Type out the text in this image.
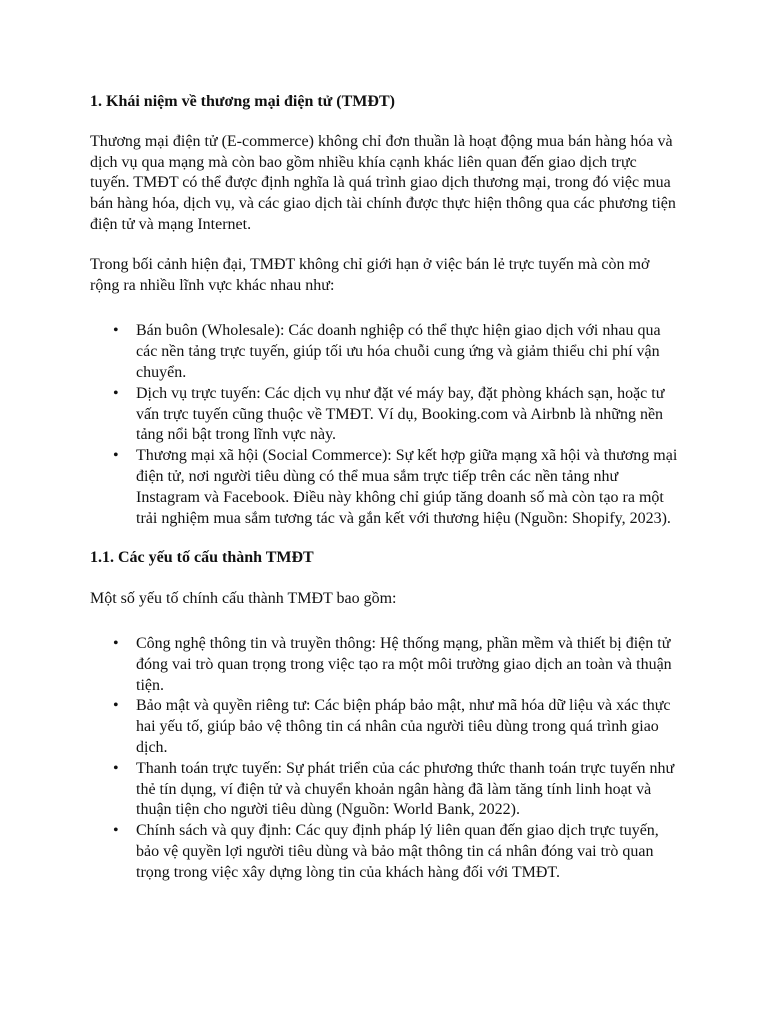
1. Khái niệm về thương mại điện tử (TMĐT)

Thương mại điện tử (E-commerce) không chỉ đơn thuần là hoạt động mua bán hàng hóa và dịch vụ qua mạng mà còn bao gồm nhiều khía cạnh khác liên quan đến giao dịch trực tuyến. TMĐT có thể được định nghĩa là quá trình giao dịch thương mại, trong đó việc mua bán hàng hóa, dịch vụ, và các giao dịch tài chính được thực hiện thông qua các phương tiện điện tử và mạng Internet.

Trong bối cảnh hiện đại, TMĐT không chỉ giới hạn ở việc bán lẻ trực tuyến mà còn mở rộng ra nhiều lĩnh vực khác nhau như:

• Bán buôn (Wholesale): Các doanh nghiệp có thể thực hiện giao dịch với nhau qua các nền tảng trực tuyến, giúp tối ưu hóa chuỗi cung ứng và giảm thiểu chi phí vận chuyển.
• Dịch vụ trực tuyến: Các dịch vụ như đặt vé máy bay, đặt phòng khách sạn, hoặc tư vấn trực tuyến cũng thuộc về TMĐT. Ví dụ, Booking.com và Airbnb là những nền tảng nổi bật trong lĩnh vực này.
• Thương mại xã hội (Social Commerce): Sự kết hợp giữa mạng xã hội và thương mại điện tử, nơi người tiêu dùng có thể mua sắm trực tiếp trên các nền tảng như Instagram và Facebook. Điều này không chỉ giúp tăng doanh số mà còn tạo ra một trải nghiệm mua sắm tương tác và gắn kết với thương hiệu (Nguồn: Shopify, 2023).
1.1. Các yếu tố cấu thành TMĐT

Một số yếu tố chính cấu thành TMĐT bao gồm:

• Công nghệ thông tin và truyền thông: Hệ thống mạng, phần mềm và thiết bị điện tử đóng vai trò quan trọng trong việc tạo ra một môi trường giao dịch an toàn và thuận tiện.
• Bảo mật và quyền riêng tư: Các biện pháp bảo mật, như mã hóa dữ liệu và xác thực hai yếu tố, giúp bảo vệ thông tin cá nhân của người tiêu dùng trong quá trình giao dịch.
• Thanh toán trực tuyến: Sự phát triển của các phương thức thanh toán trực tuyến như thẻ tín dụng, ví điện tử và chuyển khoản ngân hàng đã làm tăng tính linh hoạt và thuận tiện cho người tiêu dùng (Nguồn: World Bank, 2022).
• Chính sách và quy định: Các quy định pháp lý liên quan đến giao dịch trực tuyến, bảo vệ quyền lợi người tiêu dùng và bảo mật thông tin cá nhân đóng vai trò quan trọng trong việc xây dựng lòng tin của khách hàng đối với TMĐT.
